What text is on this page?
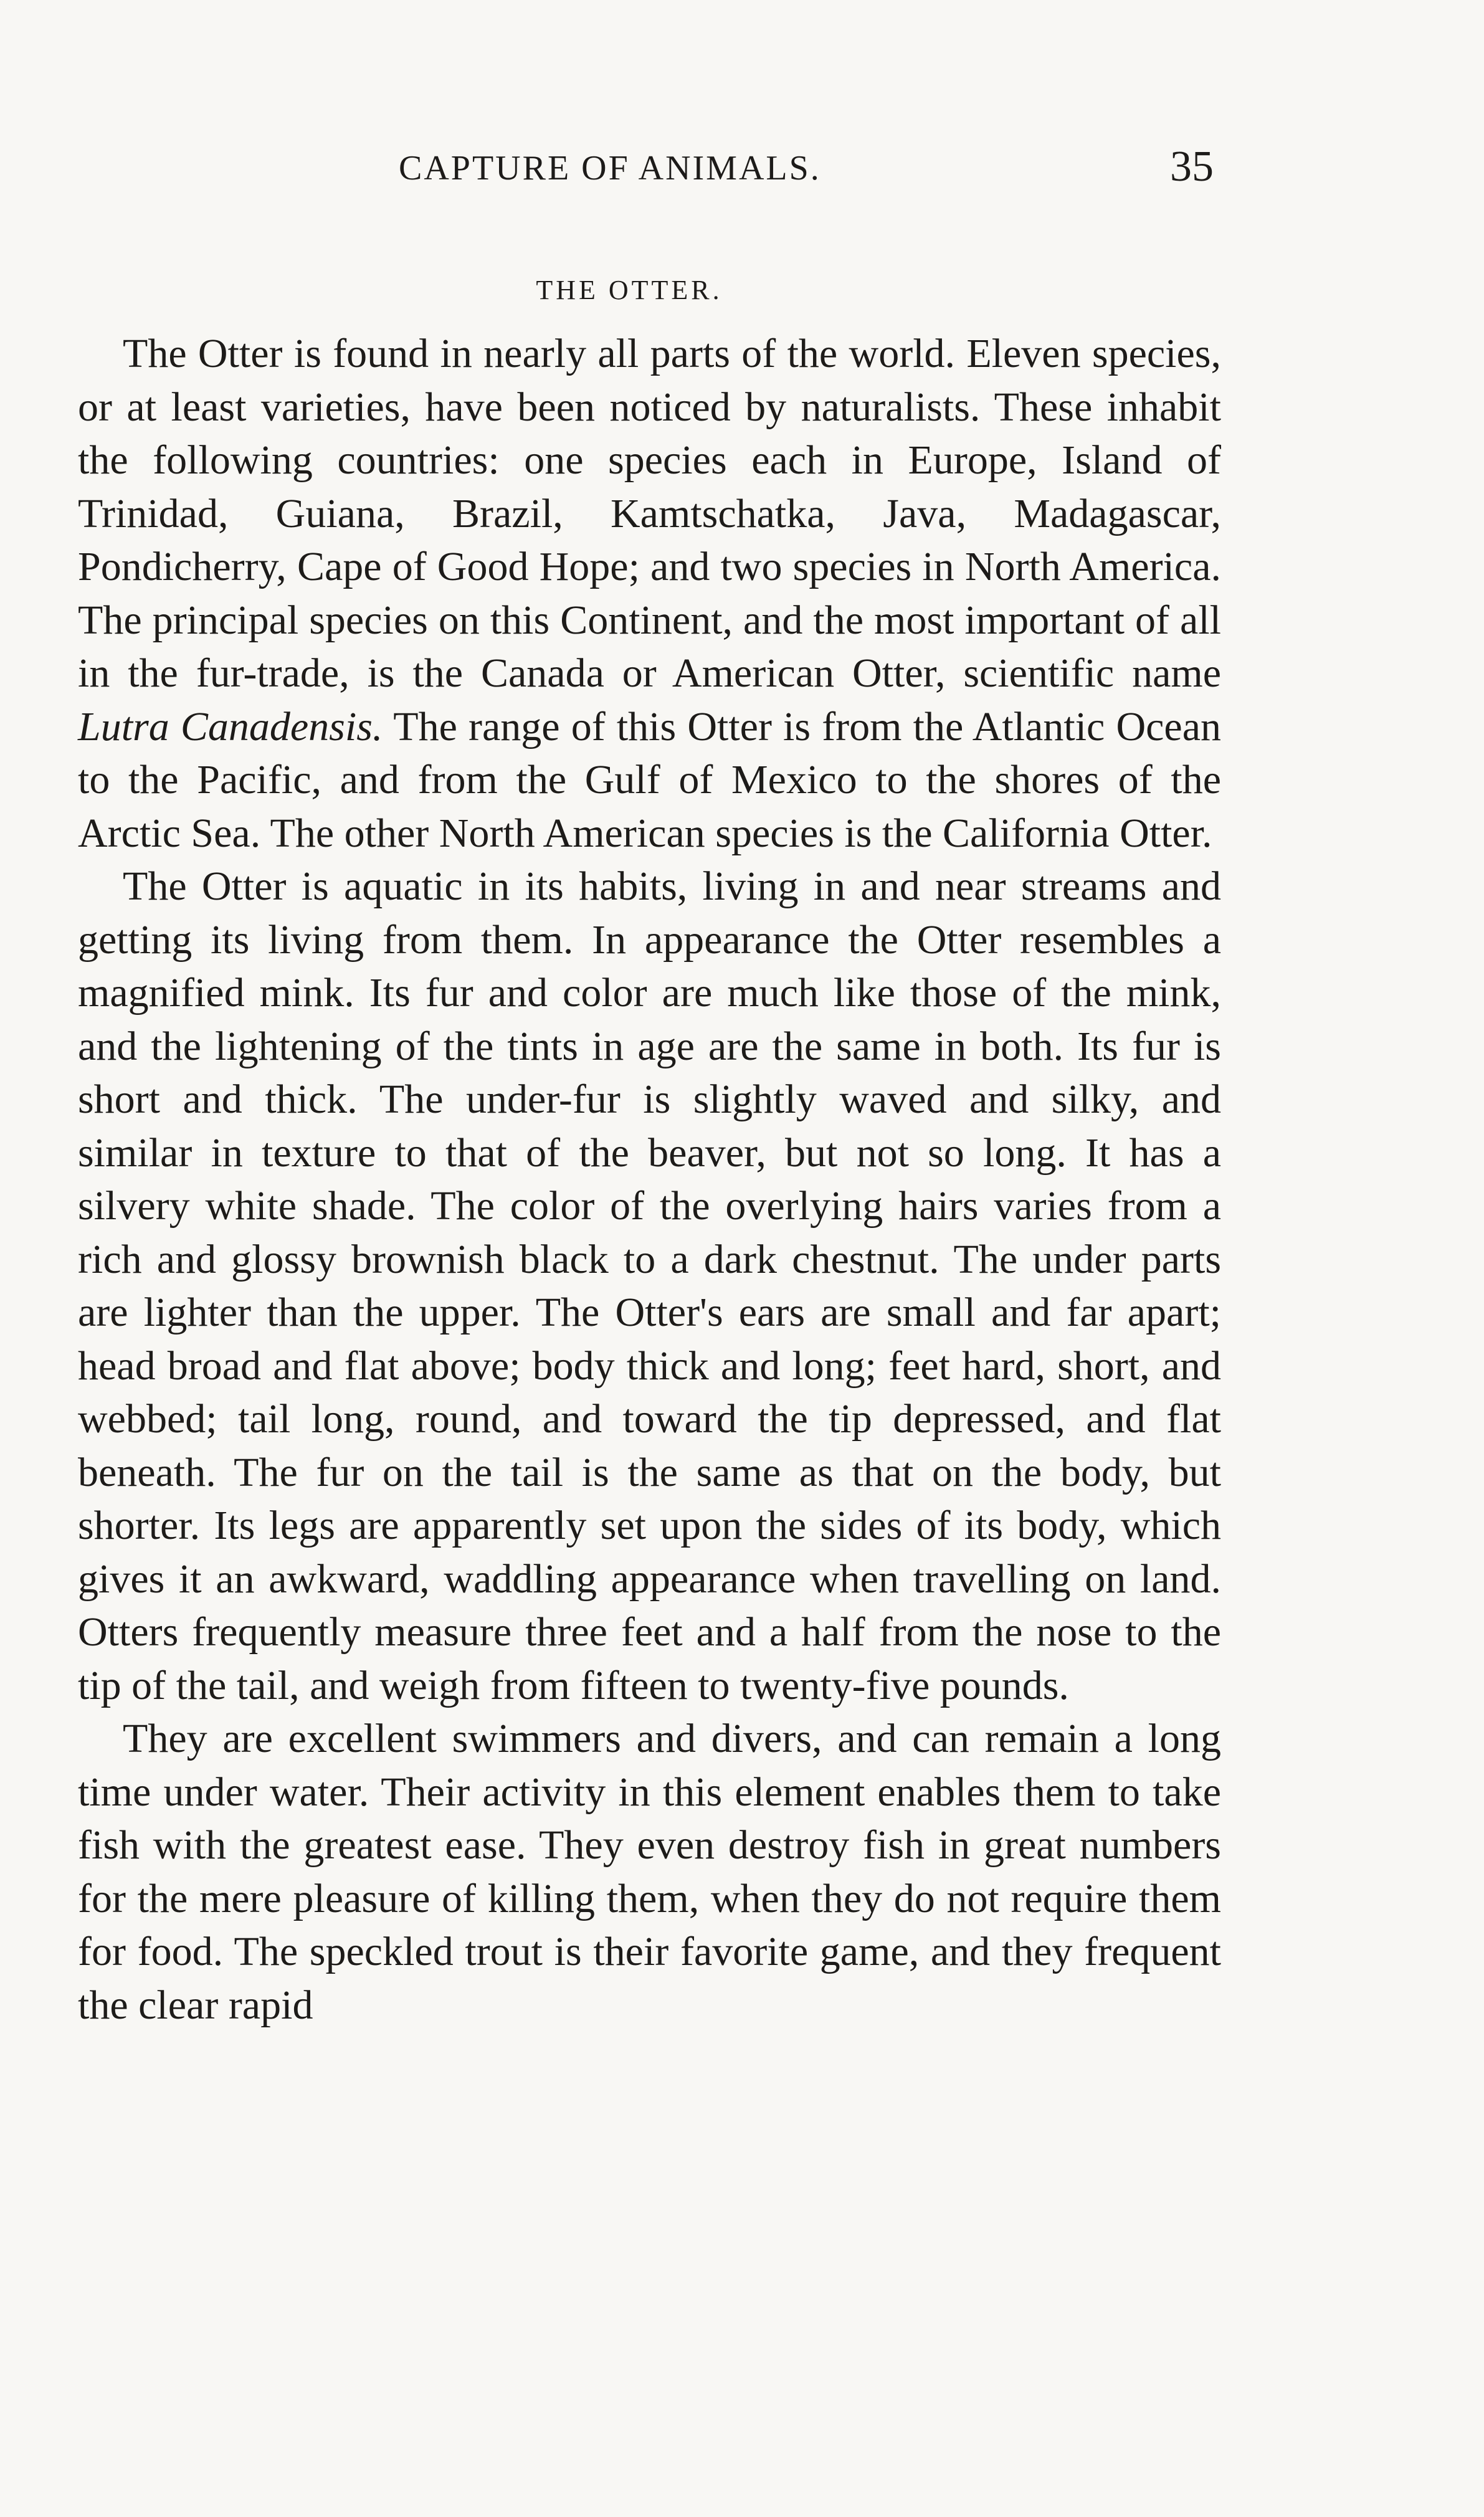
CAPTURE OF ANIMALS.	35
THE OTTER.

The Otter is found in nearly all parts of the world. Eleven species, or at least varieties, have been noticed by naturalists. These inhabit the following countries: one species each in Europe, Island of Trinidad, Guiana, Brazil, Kamtschatka, Java, Madagascar, Pondicherry, Cape of Good Hope; and two species in North America. The principal species on this Continent, and the most important of all in the fur-trade, is the Canada or American Otter, scientific name Lutra Canadensis. The range of this Otter is from the Atlantic Ocean to the Pacific, and from the Gulf of Mexico to the shores of the Arctic Sea. The other North American species is the California Otter.

The Otter is aquatic in its habits, living in and near streams and getting its living from them. In appearance the Otter resembles a magnified mink. Its fur and color are much like those of the mink, and the lightening of the tints in age are the same in both. Its fur is short and thick. The under-fur is slightly waved and silky, and similar in texture to that of the beaver, but not so long. It has a silvery white shade. The color of the overlying hairs varies from a rich and glossy brownish black to a dark chestnut. The under parts are lighter than the upper. The Otter's ears are small and far apart; head broad and flat above; body thick and long; feet hard, short, and webbed; tail long, round, and toward the tip depressed, and flat beneath. The fur on the tail is the same as that on the body, but shorter. Its legs are apparently set upon the sides of its body, which gives it an awkward, waddling appearance when travelling on land. Otters frequently measure three feet and a half from the nose to the tip of the tail, and weigh from fifteen to twenty-five pounds.

They are excellent swimmers and divers, and can remain a long time under water. Their activity in this element enables them to take fish with the greatest ease. They even destroy fish in great numbers for the mere pleasure of killing them, when they do not require them for food. The speckled trout is their favorite game, and they frequent the clear rapid
